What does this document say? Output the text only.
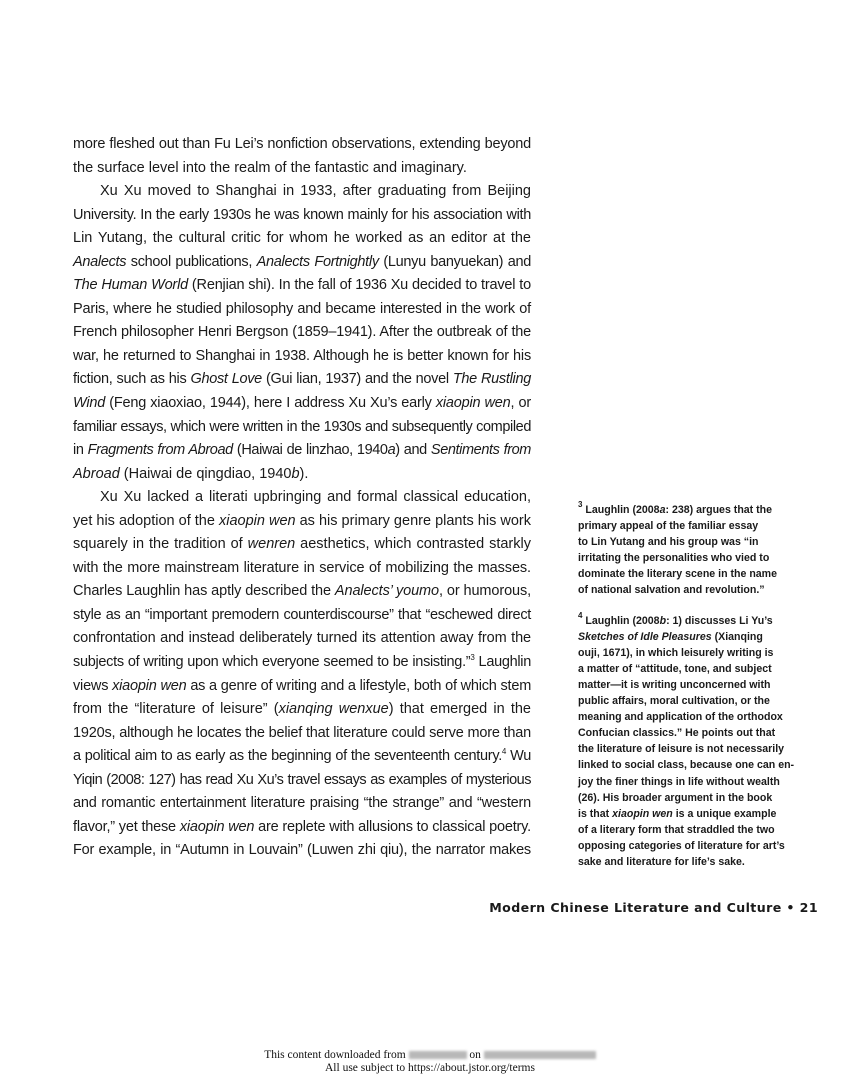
more fleshed out than Fu Lei’s nonfiction observations, extending beyond
the surface level into the realm of the fantastic and imaginary.
Xu Xu moved to Shanghai in 1933, after graduating from Beijing
University. In the early 1930s he was known mainly for his association with
Lin Yutang, the cultural critic for whom he worked as an editor at the
Analects school publications, Analects Fortnightly (Lunyu banyuekan) and
The Human World (Renjian shi). In the fall of 1936 Xu decided to travel to
Paris, where he studied philosophy and became interested in the work of
French philosopher Henri Bergson (1859–1941). After the outbreak of the
war, he returned to Shanghai in 1938. Although he is better known for his
fiction, such as his Ghost Love (Gui lian, 1937) and the novel The Rustling
Wind (Feng xiaoxiao, 1944), here I address Xu Xu’s early xiaopin wen, or
familiar essays, which were written in the 1930s and subsequently compiled
in Fragments from Abroad (Haiwai de linzhao, 1940a) and Sentiments from
Abroad (Haiwai de qingdiao, 1940b).
Xu Xu lacked a literati upbringing and formal classical education,
yet his adoption of the xiaopin wen as his primary genre plants his work
squarely in the tradition of wenren aesthetics, which contrasted starkly
with the more mainstream literature in service of mobilizing the masses.
Charles Laughlin has aptly described the Analects’ youmo, or humorous,
style as an “important premodern counterdiscourse” that “eschewed direct
confrontation and instead deliberately turned its attention away from the
subjects of writing upon which everyone seemed to be insisting.”$^3$ Laughlin
views xiaopin wen as a genre of writing and a lifestyle, both of which stem
from the “literature of leisure” (xianqing wenxue) that emerged in the
1920s, although he locates the belief that literature could serve more than
a political aim to as early as the beginning of the seventeenth century.$^4$ Wu
Yiqin (2008: 127) has read Xu Xu’s travel essays as examples of mysterious
and romantic entertainment literature praising “the strange” and “western
flavor,” yet these xiaopin wen are replete with allusions to classical poetry.
For example, in “Autumn in Louvain” (Luwen zhi qiu), the narrator makes
$^3$ Laughlin (2008a: 238) argues that the
primary appeal of the familiar essay
to Lin Yutang and his group was “in
irritating the personalities who vied to
dominate the literary scene in the name
of national salvation and revolution.”
$^4$ Laughlin (2008b: 1) discusses Li Yu’s
Sketches of Idle Pleasures (Xianqing
ouji, 1671), in which leisurely writing is
a matter of “attitude, tone, and subject
matter—it is writing unconcerned with
public affairs, moral cultivation, or the
meaning and application of the orthodox
Confucian classics.” He points out that
the literature of leisure is not necessarily
linked to social class, because one can en-
joy the finer things in life without wealth
(26). His broader argument in the book
is that xiaopin wen is a unique example
of a literary form that straddled the two
opposing categories of literature for art’s
sake and literature for life’s sake.
Modern Chinese Literature and Culture • 21
This content downloaded from	on
All use subject to https://about.jstor.org/terms
